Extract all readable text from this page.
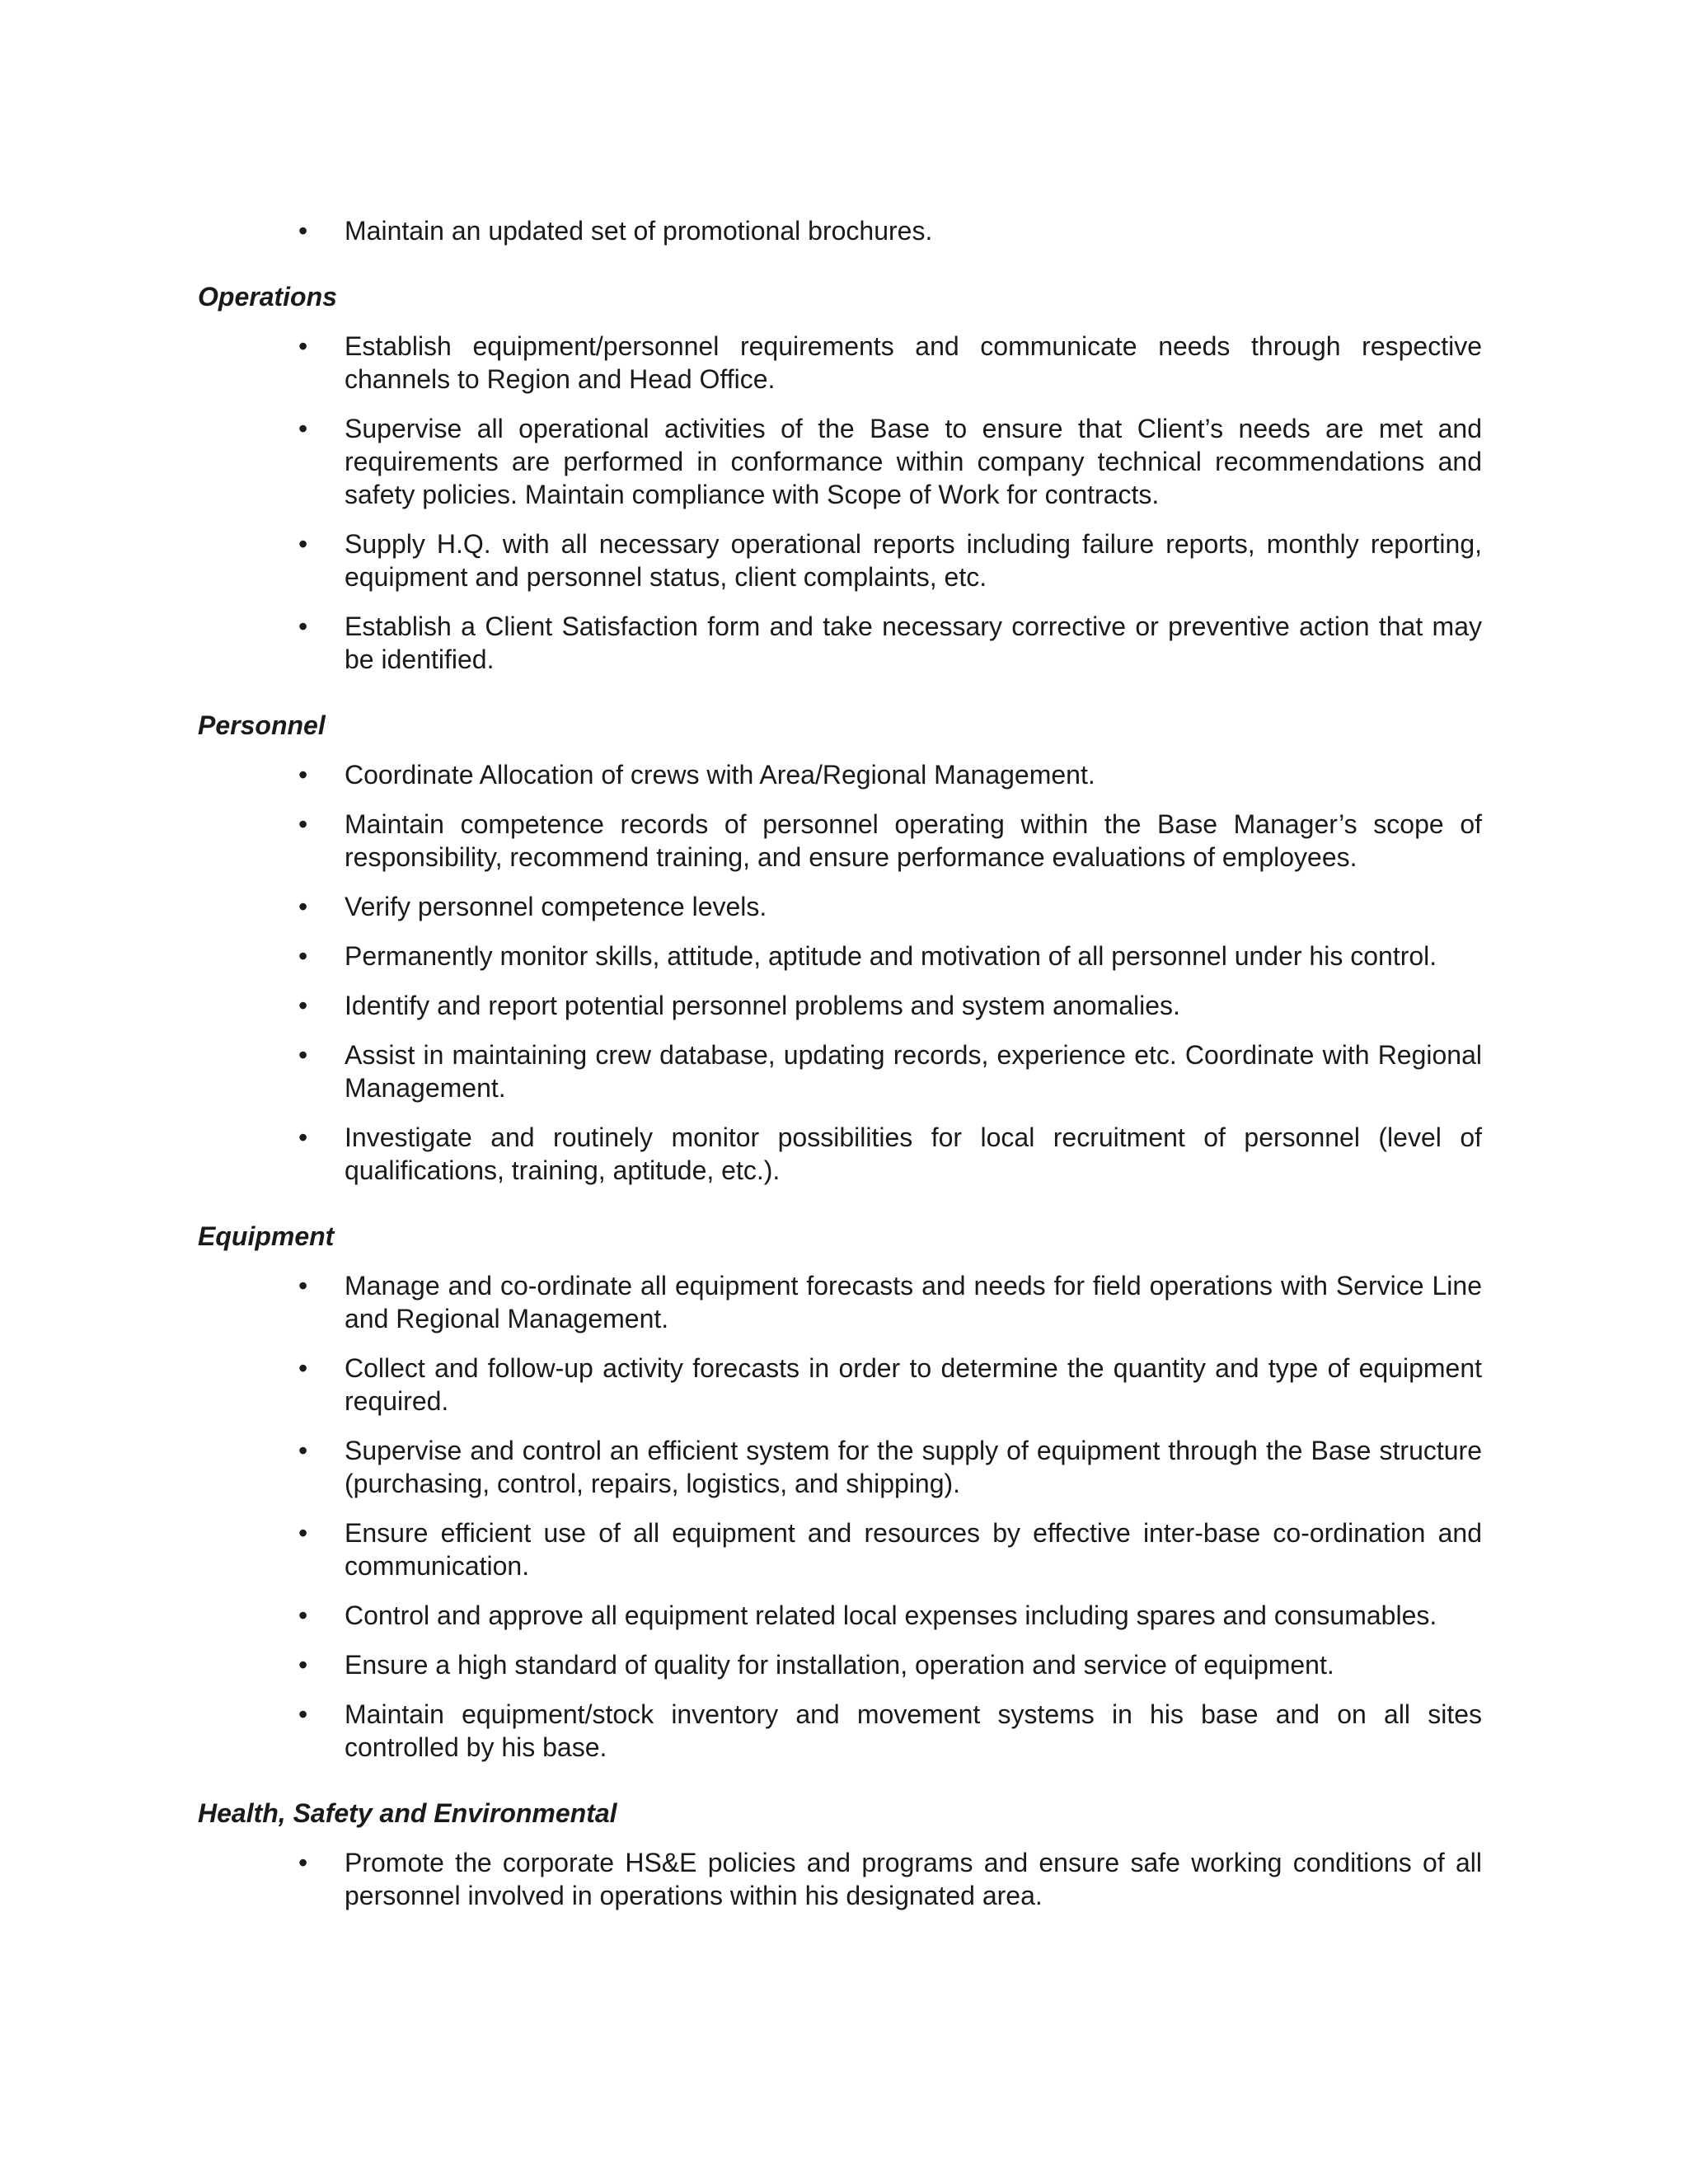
• Maintain an updated set of promotional brochures.
Operations
• Establish equipment/personnel requirements and communicate needs through respective channels to Region and Head Office.
• Supervise all operational activities of the Base to ensure that Client’s needs are met and requirements are performed in conformance within company technical recommendations and safety policies. Maintain compliance with Scope of Work for contracts.
• Supply H.Q. with all necessary operational reports including failure reports, monthly reporting, equipment and personnel status, client complaints, etc.
• Establish a Client Satisfaction form and take necessary corrective or preventive action that may be identified.
Personnel
• Coordinate Allocation of crews with Area/Regional Management.
• Maintain competence records of personnel operating within the Base Manager’s scope of responsibility, recommend training, and ensure performance evaluations of employees.
• Verify personnel competence levels.
• Permanently monitor skills, attitude, aptitude and motivation of all personnel under his control.
• Identify and report potential personnel problems and system anomalies.
• Assist in maintaining crew database, updating records, experience etc. Coordinate with Regional Management.
• Investigate and routinely monitor possibilities for local recruitment of personnel (level of qualifications, training, aptitude, etc.).
Equipment
• Manage and co-ordinate all equipment forecasts and needs for field operations with Service Line and Regional Management.
• Collect and follow-up activity forecasts in order to determine the quantity and type of equipment required.
• Supervise and control an efficient system for the supply of equipment through the Base structure (purchasing, control, repairs, logistics, and shipping).
• Ensure efficient use of all equipment and resources by effective inter-base co-ordination and communication.
• Control and approve all equipment related local expenses including spares and consumables.
• Ensure a high standard of quality for installation, operation and service of equipment.
• Maintain equipment/stock inventory and movement systems in his base and on all sites controlled by his base.
Health, Safety and Environmental
• Promote the corporate HS&E policies and programs and ensure safe working conditions of all personnel involved in operations within his designated area.
